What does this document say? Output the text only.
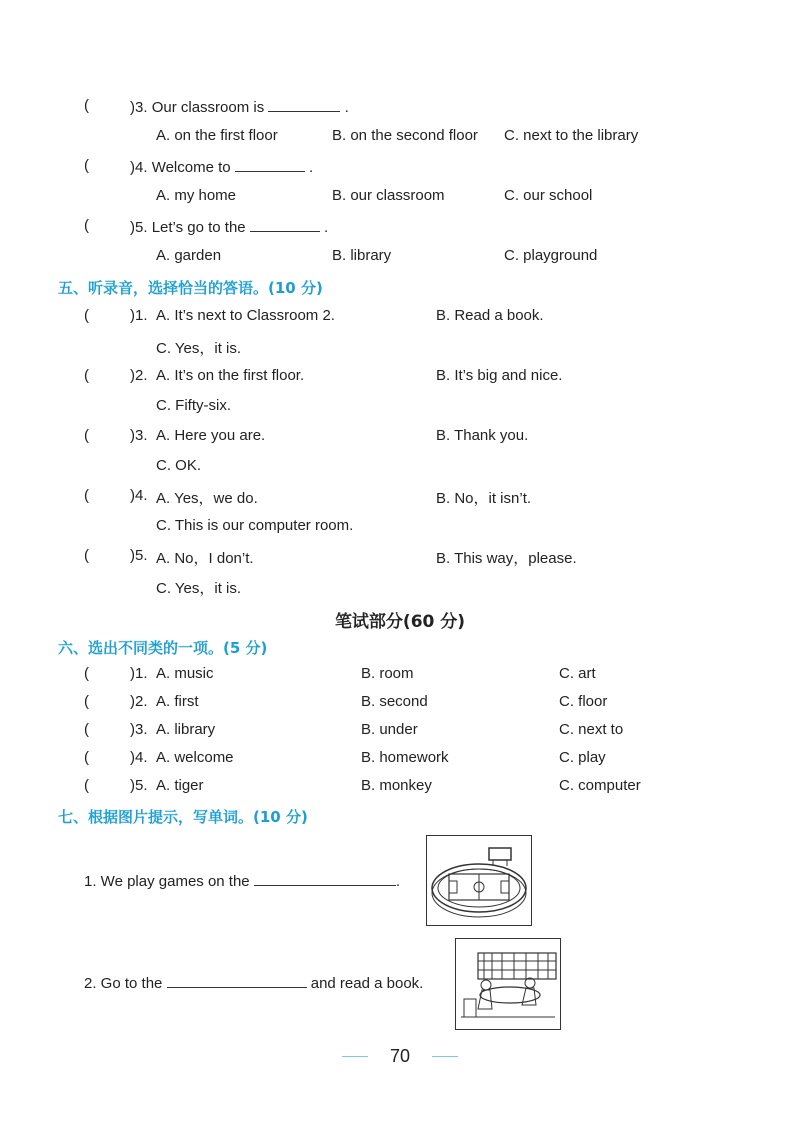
(	)3. Our classroom is	.
A. on the first floor	B. on the second floor C. next to the library
(	)4. Welcome to	.
A. my home	B. our classroom	C. our school
(	)5. Let’s go to the	.
A. garden	B. library	C. playground
五、听录音，选择恰当的答语。(10 分)
(	)1. A. It’s next to Classroom 2.	B. Read a book.
C. Yes，it is.
(	)2. A. It’s on the first floor.	B. It’s big and nice.
C. Fifty-six.
(	)3. A. Here you are.	B. Thank you.
C. OK.
(	)4. A. Yes，we do.	B. No，it isn’t.
C. This is our computer room.
(	)5. A. No，I don’t.	B. This way，please.
C. Yes，it is.
笔试部分(60 分)
六、选出不同类的一项。(5 分)
(	)1. A. music	B. room	C. art
(	)2. A. first	B. second	C. floor
(	)3. A. library	B. under	C. next to
(	)4. A. welcome	B. homework	C. play
(	)5. A. tiger	B. monkey	C. computer
七、根据图片提示，写单词。(10 分)
1. We play games on the	.
2. Go to the	and read a book.
70
